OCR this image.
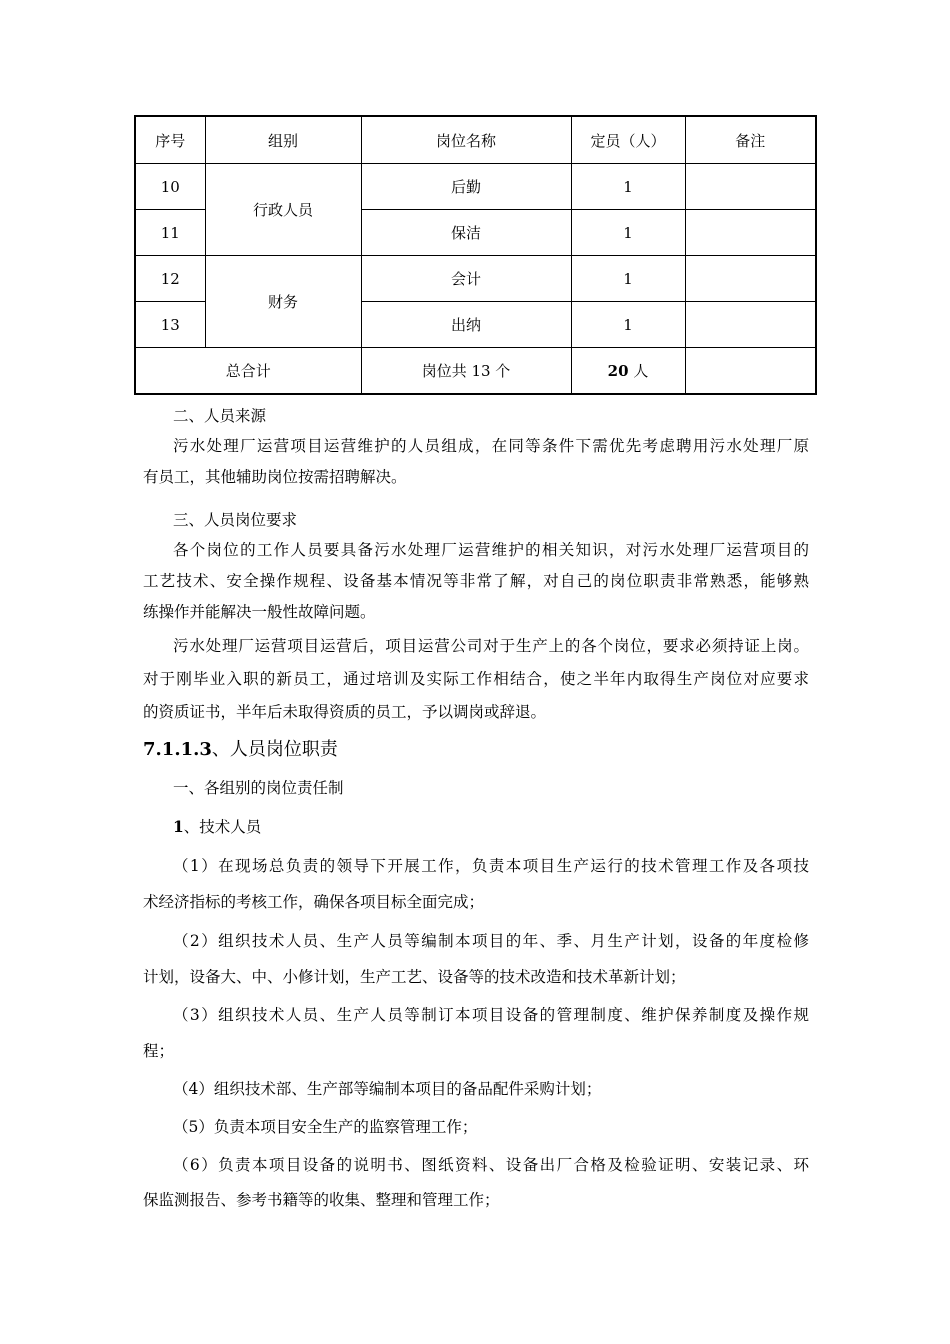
序号	组别	岗位名称	定员（人）	备注
10	行政人员	后勤	1	
11		保洁	1	
12	财务	会计	1	
13		出纳	1	
总合计		岗位共 13 个	20 人	
二、人员来源
污水处理厂运营项目运营维护的人员组成，在同等条件下需优先考虑聘用污水处理厂原
有员工，其他辅助岗位按需招聘解决。
三、人员岗位要求
各个岗位的工作人员要具备污水处理厂运营维护的相关知识，对污水处理厂运营项目的
工艺技术、安全操作规程、设备基本情况等非常了解，对自己的岗位职责非常熟悉，能够熟
练操作并能解决一般性故障问题。
污水处理厂运营项目运营后，项目运营公司对于生产上的各个岗位，要求必须持证上岗。
对于刚毕业入职的新员工，通过培训及实际工作相结合，使之半年内取得生产岗位对应要求
的资质证书，半年后未取得资质的员工，予以调岗或辞退。
7.1.1.3、人员岗位职责
一、各组别的岗位责任制
1、技术人员
（1）在现场总负责的领导下开展工作，负责本项目生产运行的技术管理工作及各项技
术经济指标的考核工作，确保各项目标全面完成；
（2）组织技术人员、生产人员等编制本项目的年、季、月生产计划，设备的年度检修
计划，设备大、中、小修计划，生产工艺、设备等的技术改造和技术革新计划；
（3）组织技术人员、生产人员等制订本项目设备的管理制度、维护保养制度及操作规
程；
（4）组织技术部、生产部等编制本项目的备品配件采购计划；
（5）负责本项目安全生产的监察管理工作；
（6）负责本项目设备的说明书、图纸资料、设备出厂合格及检验证明、安装记录、环
保监测报告、参考书籍等的收集、整理和管理工作；
